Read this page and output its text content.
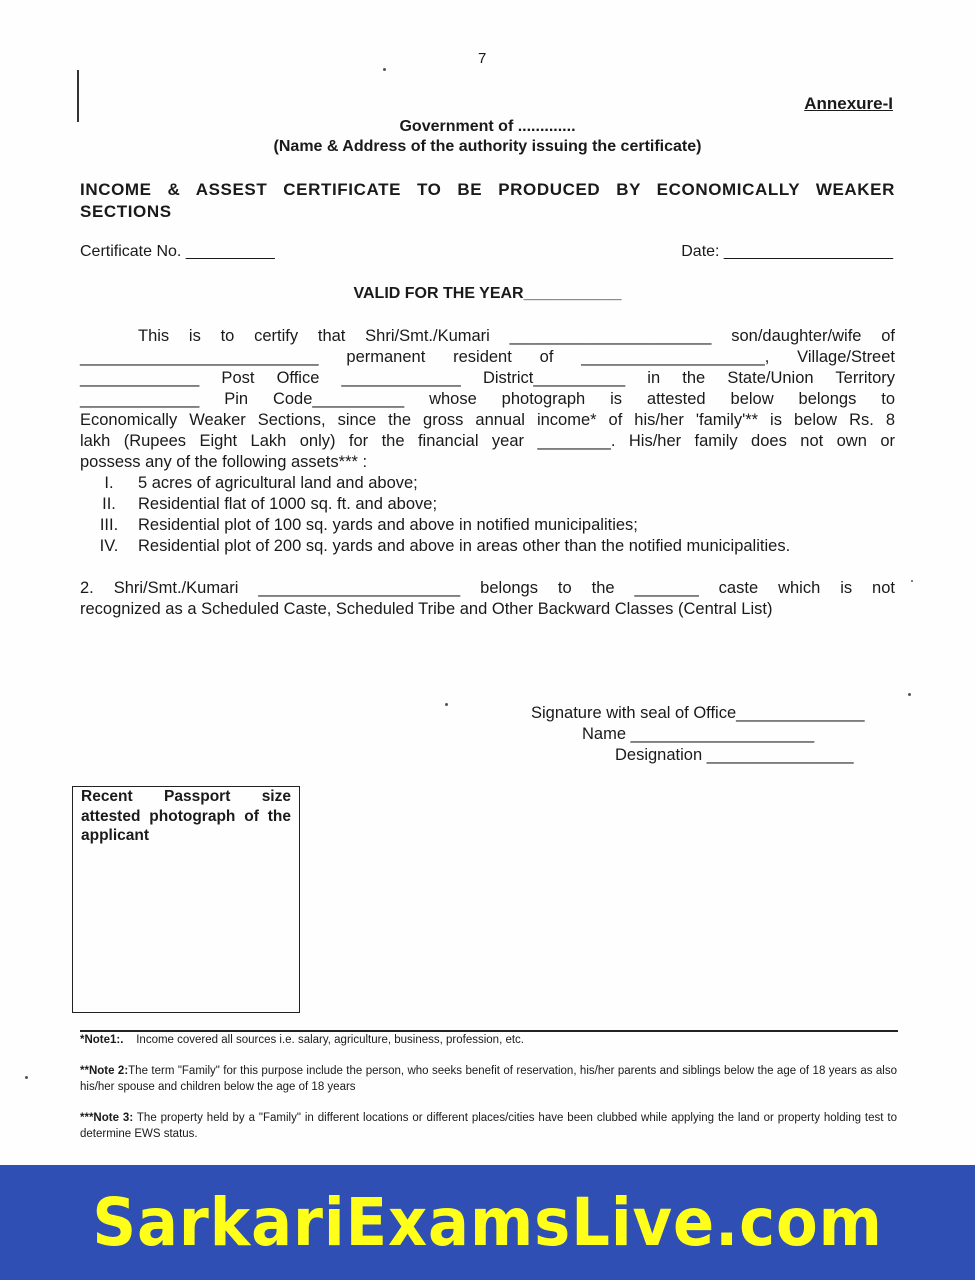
7
Annexure-I
Government of .............
(Name & Address of the authority issuing the certificate)
INCOME & ASSEST CERTIFICATE TO BE PRODUCED BY ECONOMICALLY WEAKER
SECTIONS
Certificate No. __________	Date: ___________________
VALID FOR THE YEAR___________
This is to certify that Shri/Smt./Kumari ______________________ son/daughter/wife of
__________________________ permanent resident of ____________________, Village/Street
_____________ Post Office _____________ District__________ in the State/Union Territory
_____________ Pin Code__________ whose photograph is attested below belongs to
Economically Weaker Sections, since the gross annual income* of his/her 'family'** is below Rs. 8
lakh (Rupees Eight Lakh only) for the financial year ________. His/her family does not own or
possess any of the following assets*** :
I. 5 acres of agricultural land and above;
II. Residential flat of 1000 sq. ft. and above;
III. Residential plot of 100 sq. yards and above in notified municipalities;
IV. Residential plot of 200 sq. yards and above in areas other than the notified municipalities.
2. Shri/Smt./Kumari ______________________ belongs to the _______ caste which is not
recognized as a Scheduled Caste, Scheduled Tribe and Other Backward Classes (Central List)
Signature with seal of Office______________
Name ____________________
Designation ________________

Recent Passport size attested photograph of the applicant

*Note1:. Income covered all sources i.e. salary, agriculture, business, profession, etc.
**Note 2:The term "Family" for this purpose include the person, who seeks benefit of reservation, his/her parents and siblings below the age of 18 years as also his/her spouse and children below the age of 18 years
***Note 3: The property held by a "Family" in different locations or different places/cities have been clubbed while applying the land or property holding test to determine EWS status.
SarkariExamsLive.com
